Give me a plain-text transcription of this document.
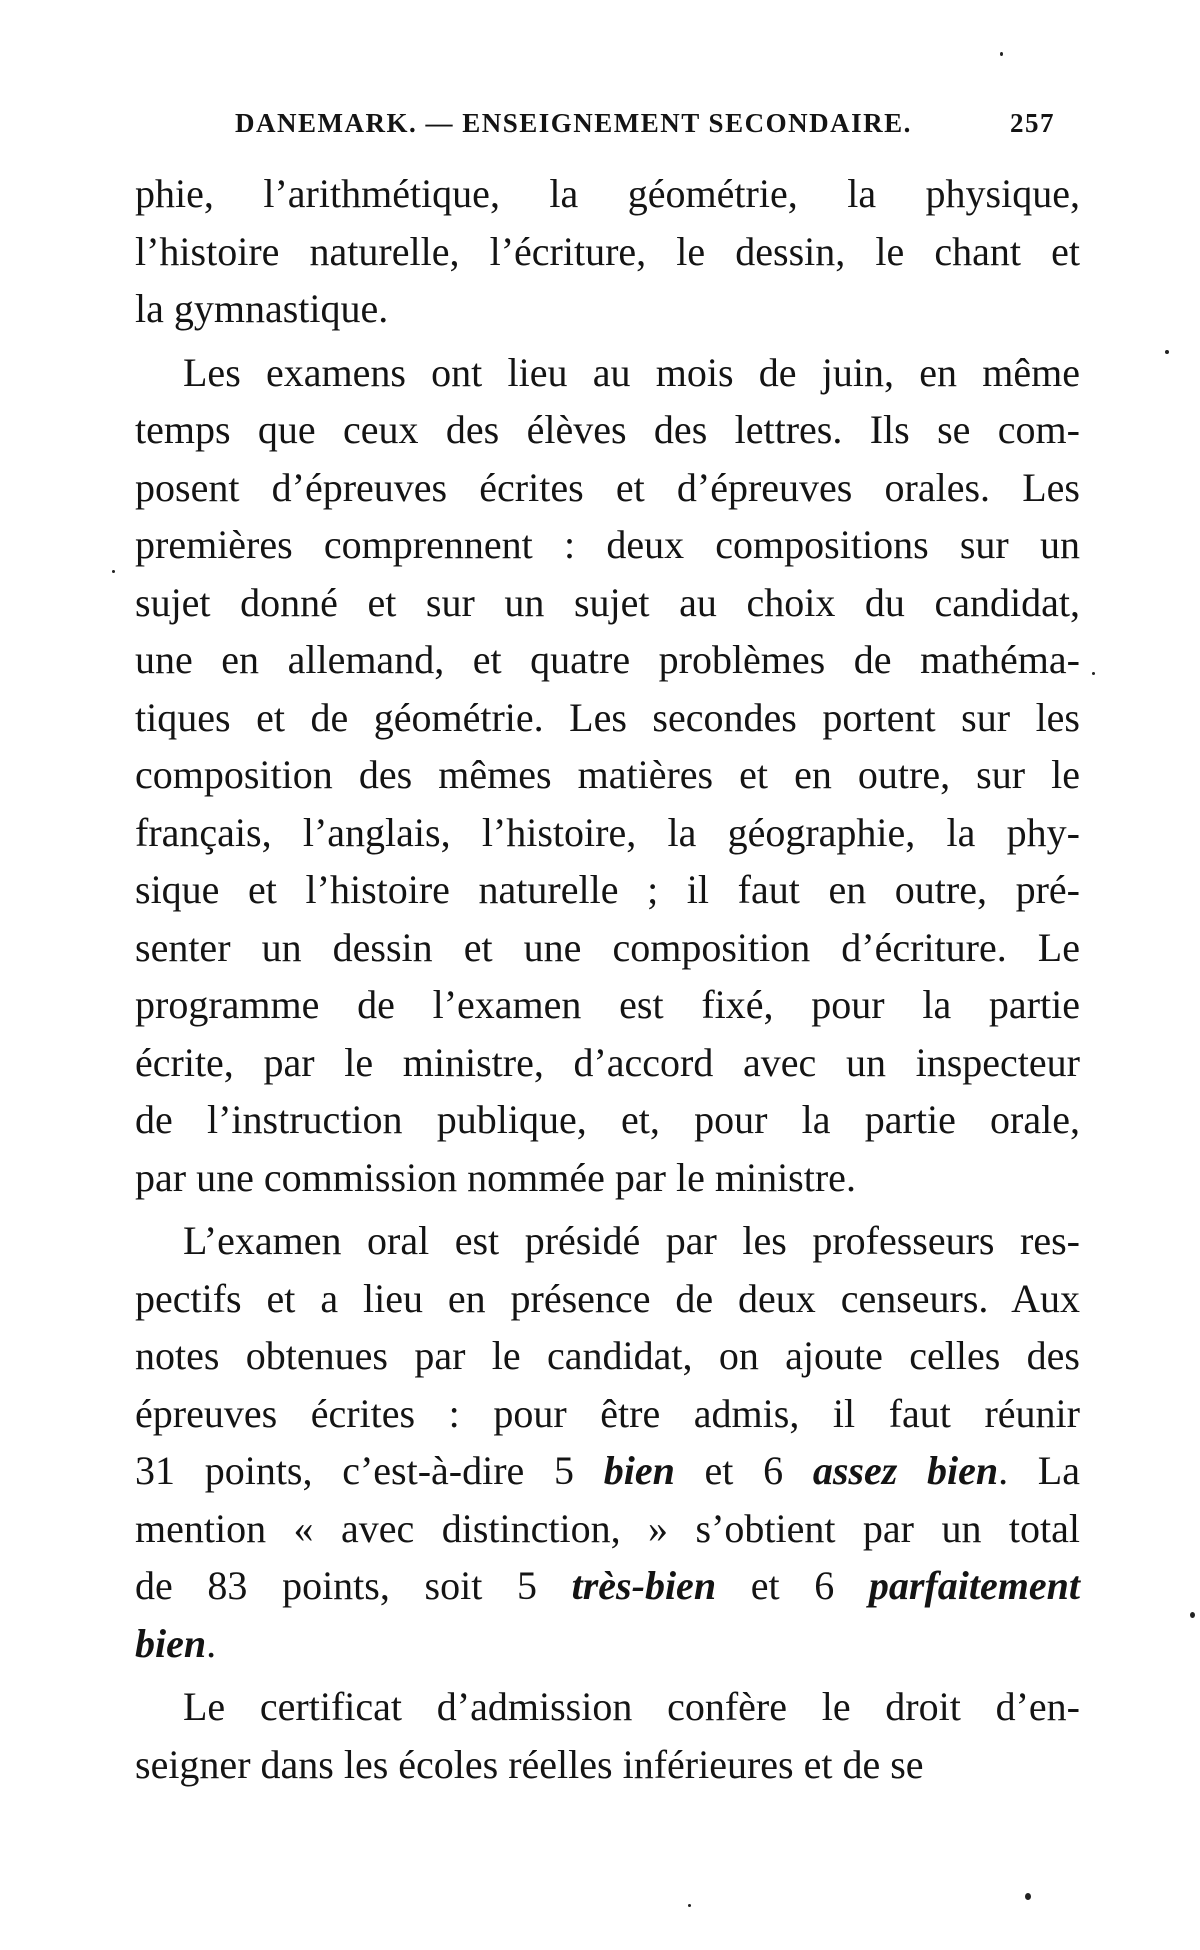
DANEMARK. — ENSEIGNEMENT SECONDAIRE.	257
phie, l’arithmétique, la géométrie, la physique,
l’histoire naturelle, l’écriture, le dessin, le chant et
la gymnastique.
Les examens ont lieu au mois de juin, en même
temps que ceux des élèves des lettres. Ils se com-
posent d’épreuves écrites et d’épreuves orales. Les
premières comprennent : deux compositions sur un
sujet donné et sur un sujet au choix du candidat,
une en allemand, et quatre problèmes de mathéma-
tiques et de géométrie. Les secondes portent sur les
composition des mêmes matières et en outre, sur le
français, l’anglais, l’histoire, la géographie, la phy-
sique et l’histoire naturelle ; il faut en outre, pré-
senter un dessin et une composition d’écriture. Le
programme de l’examen est fixé, pour la partie
écrite, par le ministre, d’accord avec un inspecteur
de l’instruction publique, et, pour la partie orale,
par une commission nommée par le ministre.
L’examen oral est présidé par les professeurs res-
pectifs et a lieu en présence de deux censeurs. Aux
notes obtenues par le candidat, on ajoute celles des
épreuves écrites : pour être admis, il faut réunir
31 points, c’est-à-dire 5 bien et 6 assez bien. La
mention « avec distinction, » s’obtient par un total
de 83 points, soit 5 très-bien et 6 parfaitement
bien.
Le certificat d’admission confère le droit d’en-
seigner dans les écoles réelles inférieures et de se
